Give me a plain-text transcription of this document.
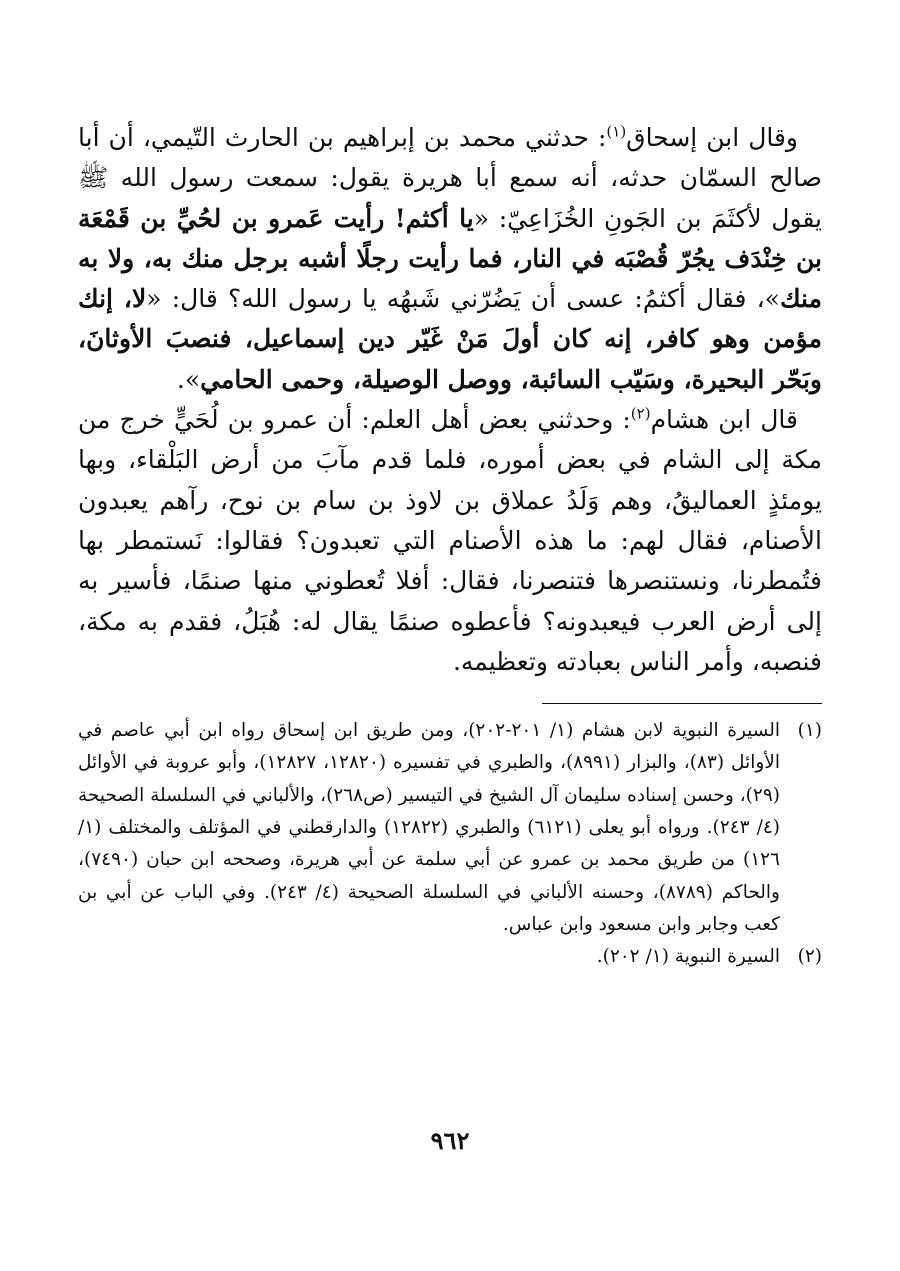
وقال ابن إسحاق$^{(١)}$: حدثني محمد بن إبراهيم بن الحارث التّيمي، أن أبا صالح السمّان حدثه، أنه سمع أبا هريرة يقول: سمعت رسول الله ﷺ يقول لأكثَمَ بن الجَونِ الخُزَاعِيّ: «يا أكثم! رأيت عَمرو بن لحُيِّ بن قَمْعَة بن خِنْدَف يجُرّ قُصْبَه في النار، فما رأيت رجلًا أشبه برجل منك به، ولا به منك»، فقال أكثمُ: عسى أن يَضُرّني شَبهُه يا رسول الله؟ قال: «لا، إنك مؤمن وهو كافر، إنه كان أولَ مَنْ غَيّر دين إسماعيل، فنصبَ الأوثانَ، وبَحّر البحيرة، وسَيّب السائبة، ووصل الوصيلة، وحمى الحامي».

قال ابن هشام$^{(٢)}$: وحدثني بعض أهل العلم: أن عمرو بن لُحَيٍّ خرج من مكة إلى الشام في بعض أموره، فلما قدم مآبَ من أرض البَلْقاء، وبها يومئذٍ العماليقُ، وهم وَلَدُ عملاق بن لاوذ بن سام بن نوح، رآهم يعبدون الأصنام، فقال لهم: ما هذه الأصنام التي تعبدون؟ فقالوا: نَستمطر بها فتُمطرنا، ونستنصرها فتنصرنا، فقال: أفلا تُعطوني منها صنمًا، فأسير به إلى أرض العرب فيعبدونه؟ فأعطوه صنمًا يقال له: هُبَلُ، فقدم به مكة، فنصبه، وأمر الناس بعبادته وتعظيمه.

(١)
السيرة النبوية لابن هشام (١/ ٢٠١-٢٠٢)، ومن طريق ابن إسحاق رواه ابن أبي عاصم في الأوائل (٨٣)، والبزار (٨٩٩١)، والطبري في تفسيره (١٢٨٢٠، ١٢٨٢٧)، وأبو عروبة في الأوائل (٢٩)، وحسن إسناده سليمان آل الشيخ في التيسير (ص٢٦٨)، والألباني في السلسلة الصحيحة (٤/ ٢٤٣). ورواه أبو يعلى (٦١٢١) والطبري (١٢٨٢٢) والدارقطني في المؤتلف والمختلف (١/ ١٢٦) من طريق محمد بن عمرو عن أبي سلمة عن أبي هريرة، وصححه ابن حبان (٧٤٩٠)، والحاكم (٨٧٨٩)، وحسنه الألباني في السلسلة الصحيحة (٤/ ٢٤٣). وفي الباب عن أبي بن كعب وجابر وابن مسعود وابن عباس.
(٢)
السيرة النبوية (١/ ٢٠٢).
٩٦٢
